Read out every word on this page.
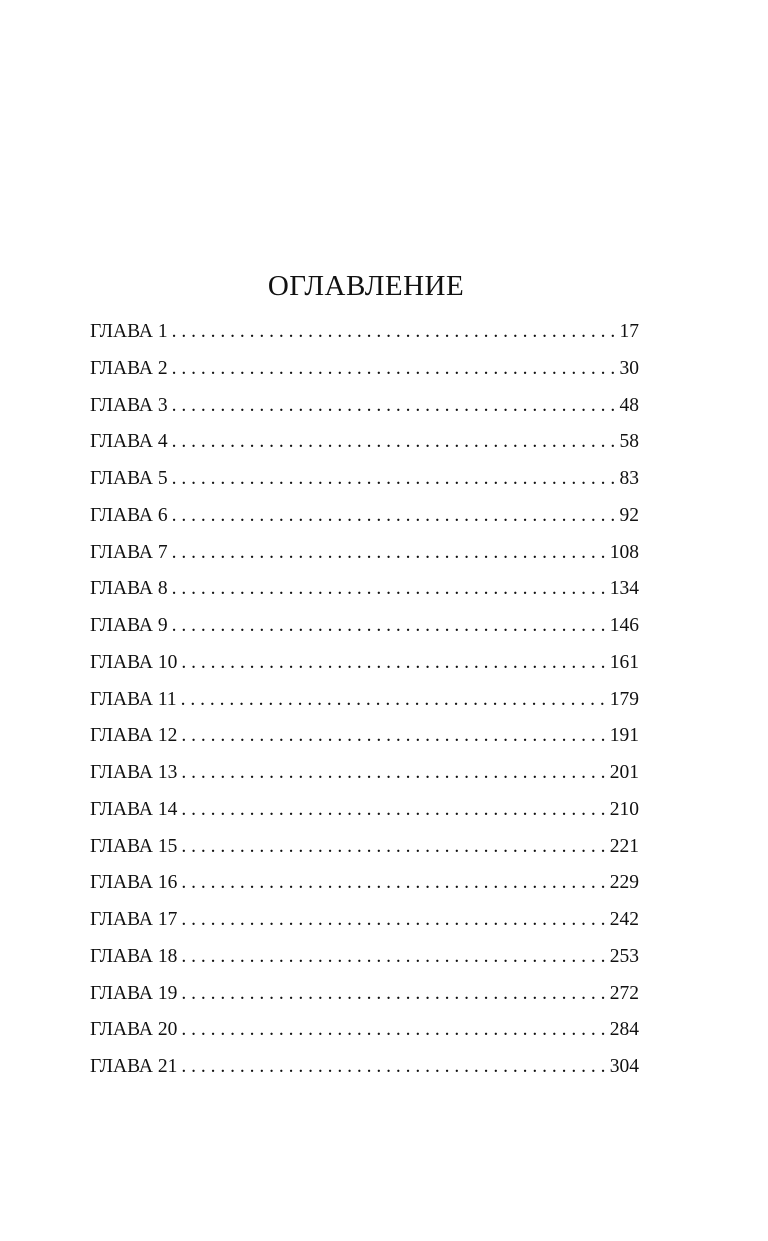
ОГЛАВЛЕНИЕ
ГЛАВА 1 . . .	17
ГЛАВА 2 . . .	30
ГЛАВА 3 . . .	48
ГЛАВА 4 . . .	58
ГЛАВА 5 . . .	83
ГЛАВА 6 . . .	92
ГЛАВА 7 . . .	108
ГЛАВА 8 . . .	134
ГЛАВА 9 . . .	146
ГЛАВА 10 . . .	161
ГЛАВА 11 . . .	179
ГЛАВА 12 . . .	191
ГЛАВА 13 . . .	201
ГЛАВА 14 . . .	210
ГЛАВА 15 . . .	221
ГЛАВА 16 . . .	229
ГЛАВА 17 . . .	242
ГЛАВА 18 . . .	253
ГЛАВА 19 . . .	272
ГЛАВА 20 . . .	284
ГЛАВА 21 . . .	304
